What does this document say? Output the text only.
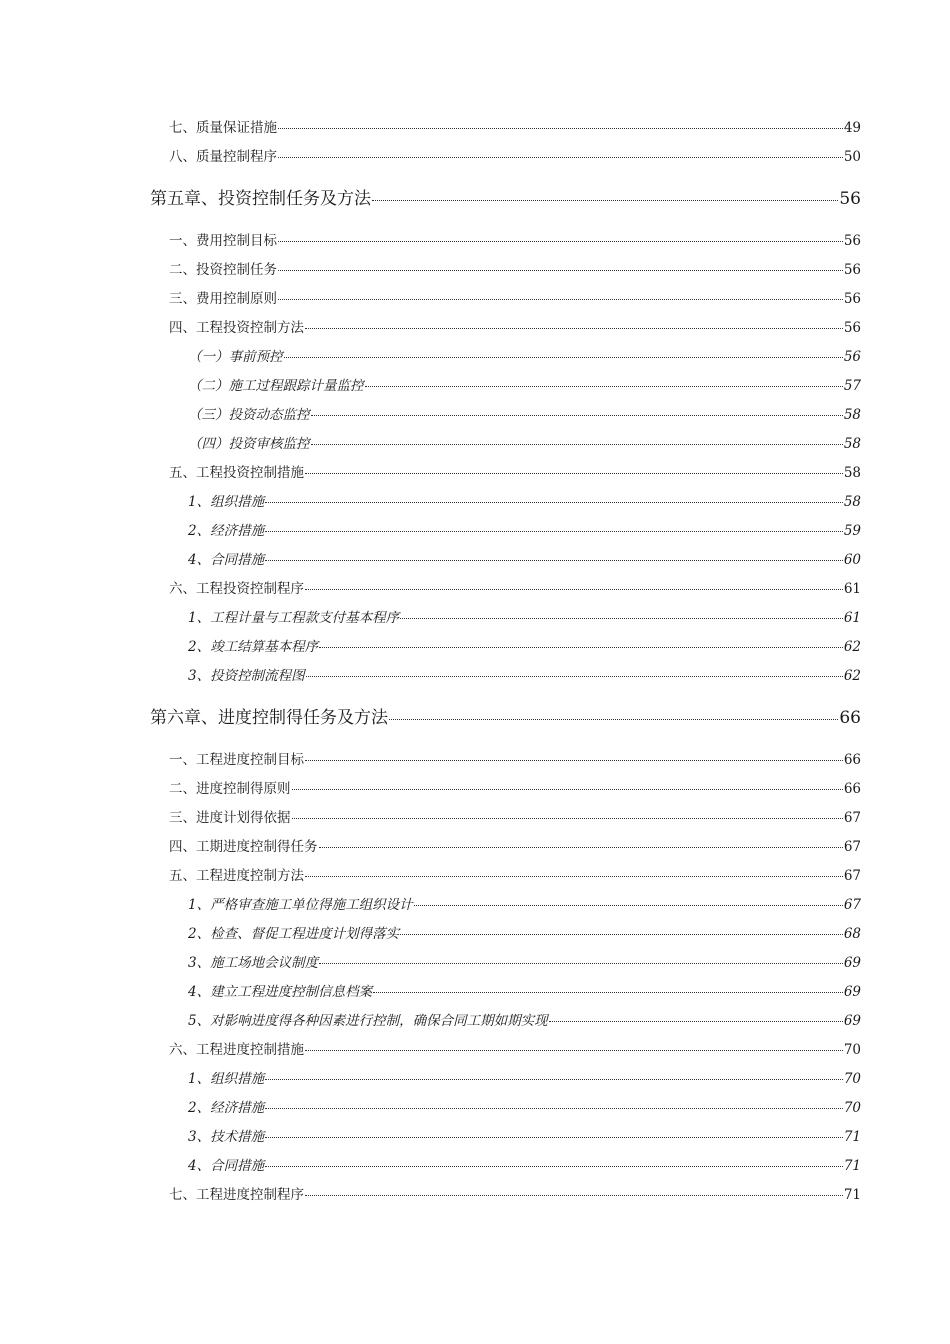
七、质量保证措施	49
八、质量控制程序	50
第五章、投资控制任务及方法	56
一、费用控制目标	56
二、投资控制任务	56
三、费用控制原则	56
四、工程投资控制方法	56
（一）事前预控	56
（二）施工过程跟踪计量监控	57
（三）投资动态监控	58
（四）投资审核监控	58
五、工程投资控制措施	58
1、组织措施	58
2、经济措施	59
4、合同措施	60
六、工程投资控制程序	61
1、工程计量与工程款支付基本程序	61
2、竣工结算基本程序	62
3、投资控制流程图	62
第六章、进度控制得任务及方法	66
一、工程进度控制目标	66
二、进度控制得原则	66
三、进度计划得依据	67
四、工期进度控制得任务	67
五、工程进度控制方法	67
1、严格审查施工单位得施工组织设计	67
2、检查、督促工程进度计划得落实	68
3、施工场地会议制度	69
4、建立工程进度控制信息档案	69
5、对影响进度得各种因素进行控制，确保合同工期如期实现	69
六、工程进度控制措施	70
1、组织措施	70
2、经济措施	70
3、技术措施	71
4、合同措施	71
七、工程进度控制程序	71
